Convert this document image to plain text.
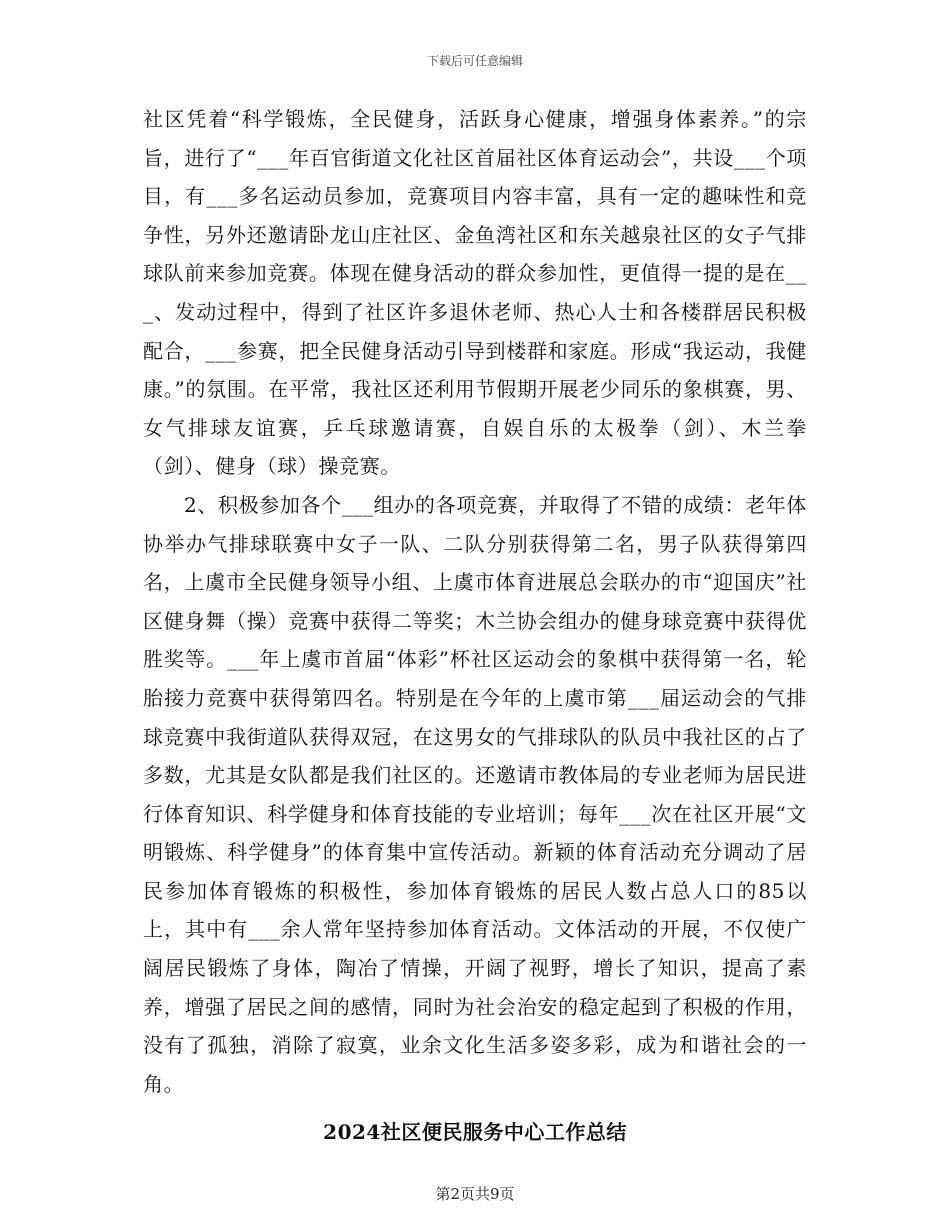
下载后可任意编辑

社区凭着“科学锻炼，全民健身，活跃身心健康，增强身体素养。”的宗旨，进行了“___年百官街道文化社区首届社区体育运动会”，共设___个项目，有___多名运动员参加，竞赛项目内容丰富，具有一定的趣味性和竞争性，另外还邀请卧龙山庄社区、金鱼湾社区和东关越泉社区的女子气排球队前来参加竞赛。体现在健身活动的群众参加性，更值得一提的是在___、发动过程中，得到了社区许多退休老师、热心人士和各楼群居民积极配合，___参赛，把全民健身活动引导到楼群和家庭。形成“我运动，我健康。”的氛围。在平常，我社区还利用节假期开展老少同乐的象棋赛，男、女气排球友谊赛，乒乓球邀请赛，自娱自乐的太极拳（剑）、木兰拳（剑）、健身（球）操竞赛。

2、积极参加各个___组办的各项竞赛，并取得了不错的成绩：老年体协举办气排球联赛中女子一队、二队分别获得第二名，男子队获得第四名，上虞市全民健身领导小组、上虞市体育进展总会联办的市“迎国庆”社区健身舞（操）竞赛中获得二等奖；木兰协会组办的健身球竞赛中获得优胜奖等。___年上虞市首届“体彩”杯社区运动会的象棋中获得第一名，轮胎接力竞赛中获得第四名。特别是在今年的上虞市第___届运动会的气排球竞赛中我街道队获得双冠，在这男女的气排球队的队员中我社区的占了多数，尤其是女队都是我们社区的。还邀请市教体局的专业老师为居民进行体育知识、科学健身和体育技能的专业培训；每年___次在社区开展“文明锻炼、科学健身”的体育集中宣传活动。新颖的体育活动充分调动了居民参加体育锻炼的积极性，参加体育锻炼的居民人数占总人口的85以上，其中有___余人常年坚持参加体育活动。文体活动的开展，不仅使广阔居民锻炼了身体，陶冶了情操，开阔了视野，增长了知识，提高了素养，增强了居民之间的感情，同时为社会治安的稳定起到了积极的作用，没有了孤独，消除了寂寞，业余文化生活多姿多彩，成为和谐社会的一角。

2024社区便民服务中心工作总结
第2页共9页
